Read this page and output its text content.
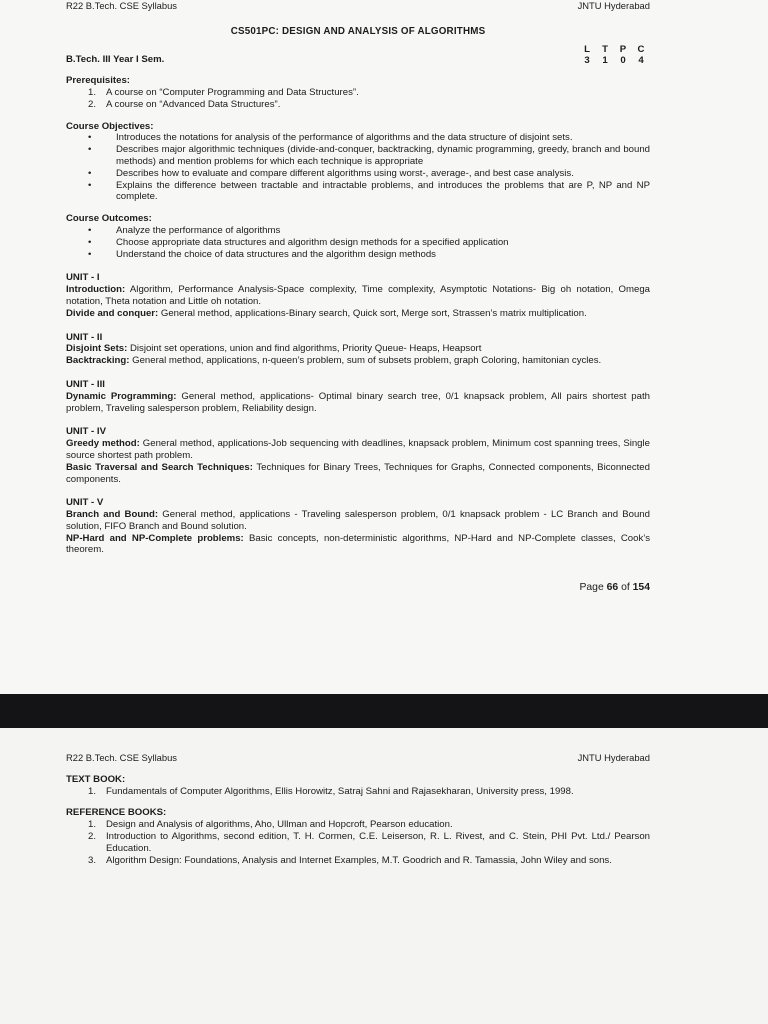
R22 B.Tech. CSE Syllabus	JNTU Hyderabad
CS501PC: DESIGN AND ANALYSIS OF ALGORITHMS
B.Tech. III Year I Sem.
L	T	P	C
3	1	0	4
Prerequisites:
1.	A course on “Computer Programming and Data Structures”.
2.	A course on “Advanced Data Structures”.
Course Objectives:
•	Introduces the notations for analysis of the performance of algorithms and the data structure of disjoint sets.
•	Describes major algorithmic techniques (divide-and-conquer, backtracking, dynamic programming, greedy, branch and bound methods) and mention problems for which each technique is appropriate
•	Describes how to evaluate and compare different algorithms using worst-, average-, and best case analysis.
•	Explains the difference between tractable and intractable problems, and introduces the problems that are P, NP and NP complete.
Course Outcomes:
•	Analyze the performance of algorithms
•	Choose appropriate data structures and algorithm design methods for a specified application
•	Understand the choice of data structures and the algorithm design methods
UNIT - I
Introduction: Algorithm, Performance Analysis-Space complexity, Time complexity, Asymptotic Notations- Big oh notation, Omega notation, Theta notation and Little oh notation.
Divide and conquer: General method, applications-Binary search, Quick sort, Merge sort, Strassen’s matrix multiplication.
UNIT - II
Disjoint Sets: Disjoint set operations, union and find algorithms, Priority Queue- Heaps, Heapsort
Backtracking: General method, applications, n-queen’s problem, sum of subsets problem, graph Coloring, hamitonian cycles.
UNIT - III
Dynamic Programming: General method, applications- Optimal binary search tree, 0/1 knapsack problem, All pairs shortest path problem, Traveling salesperson problem, Reliability design.
UNIT - IV
Greedy method: General method, applications-Job sequencing with deadlines, knapsack problem, Minimum cost spanning trees, Single source shortest path problem.
Basic Traversal and Search Techniques: Techniques for Binary Trees, Techniques for Graphs, Connected components, Biconnected components.
UNIT - V
Branch and Bound: General method, applications - Traveling salesperson problem, 0/1 knapsack problem - LC Branch and Bound solution, FIFO Branch and Bound solution.
NP-Hard and NP-Complete problems: Basic concepts, non-deterministic algorithms, NP-Hard and NP-Complete classes, Cook’s theorem.
Page 66 of 154
R22 B.Tech. CSE Syllabus	JNTU Hyderabad
TEXT BOOK:
1.	Fundamentals of Computer Algorithms, Ellis Horowitz, Satraj Sahni and Rajasekharan, University press, 1998.
REFERENCE BOOKS:
1.	Design and Analysis of algorithms, Aho, Ullman and Hopcroft, Pearson education.
2.	Introduction to Algorithms, second edition, T. H. Cormen, C.E. Leiserson, R. L. Rivest, and C. Stein, PHI Pvt. Ltd./ Pearson Education.
3.	Algorithm Design: Foundations, Analysis and Internet Examples, M.T. Goodrich and R. Tamassia, John Wiley and sons.
